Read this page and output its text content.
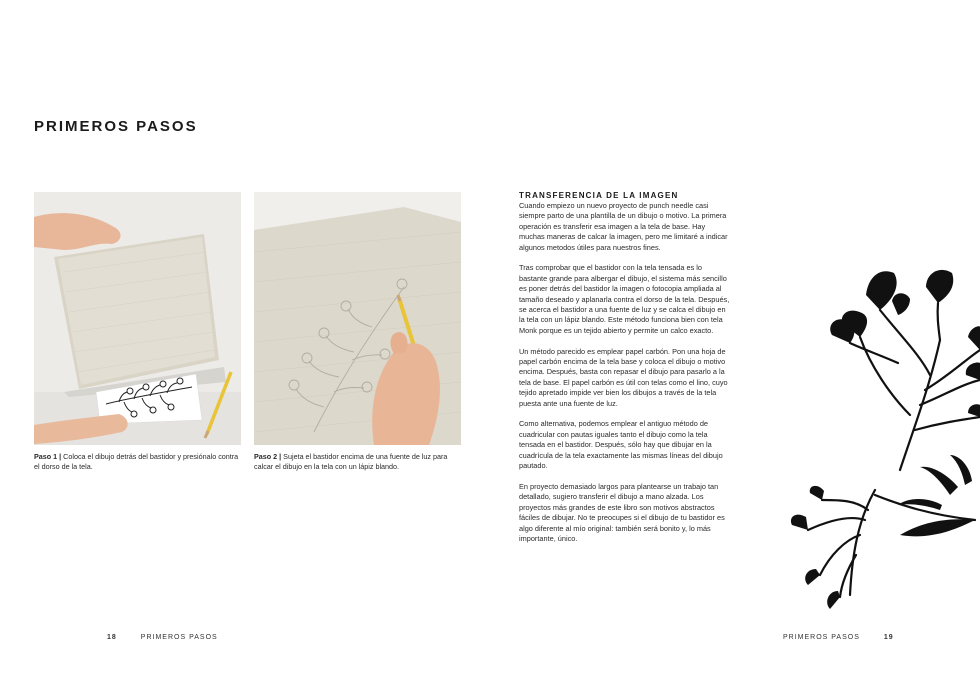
PRIMEROS PASOS
Paso 1 | Coloca el dibujo detrás del bastidor y presiónalo contra el dorso de la tela.
Paso 2 | Sujeta el bastidor encima de una fuente de luz para calcar el dibujo en la tela con un lápiz blando.
TRANSFERENCIA DE LA IMAGEN

Cuando empiezo un nuevo proyecto de punch needle casi siempre parto de una plantilla de un dibujo o motivo. La primera operación es transferir esa imagen a la tela de base. Hay muchas maneras de calcar la imagen, pero me limitaré a indicar algunos metodos útiles para nuestros fines.

Tras comprobar que el bastidor con la tela tensada es lo bastante grande para albergar el dibujo, el sistema más sencillo es poner detrás del bastidor la imagen o fotocopia ampliada al tamaño deseado y aplanarla contra el dorso de la tela. Después, se acerca el bastidor a una fuente de luz y se calca el dibujo en la tela con un lápiz blando. Este método funciona bien con tela Monk porque es un tejido abierto y permite un calco exacto.

Un método parecido es emplear papel carbón. Pon una hoja de papel carbón encima de la tela base y coloca el dibujo o motivo encima. Después, basta con repasar el dibujo para pasarlo a la tela de base. El papel carbón es útil con telas como el lino, cuyo tejido apretado impide ver bien los dibujos a través de la tela puesta ante una fuente de luz.

Como alternativa, podemos emplear el antiguo método de cuadricular con pautas iguales tanto el dibujo como la tela tensada en el bastidor. Después, sólo hay que dibujar en la cuadrícula de la tela exactamente las mismas líneas del dibujo pautado.

En proyecto demasiado largos para plantearse un trabajo tan detallado, sugiero transferir el dibujo a mano alzada. Los proyectos más grandes de este libro son motivos abstractos fáciles de dibujar. No te preocupes si el dibujo de tu bastidor es algo diferente al mío original: también será bonito y, lo más importante, único.

18	PRIMEROS PASOS	PRIMEROS PASOS	19
